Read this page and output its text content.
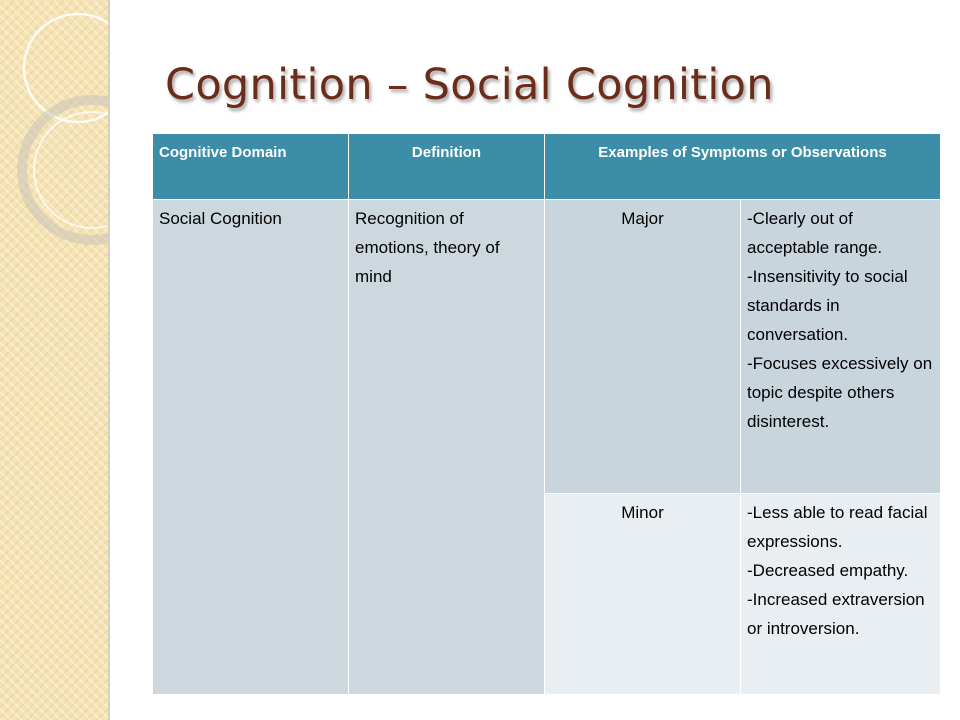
Cognition – Social Cognition
Cognitive Domain	Definition	Examples of Symptoms or Observations	
Social Cognition	Recognition of emotions, theory of mind	Major	-Clearly out of acceptable range.
-Insensitivity to social standards in conversation.
-Focuses excessively on topic despite others disinterest.

		Minor	-Less able to read facial expressions.
-Decreased empathy.
-Increased extraversion or introversion.
